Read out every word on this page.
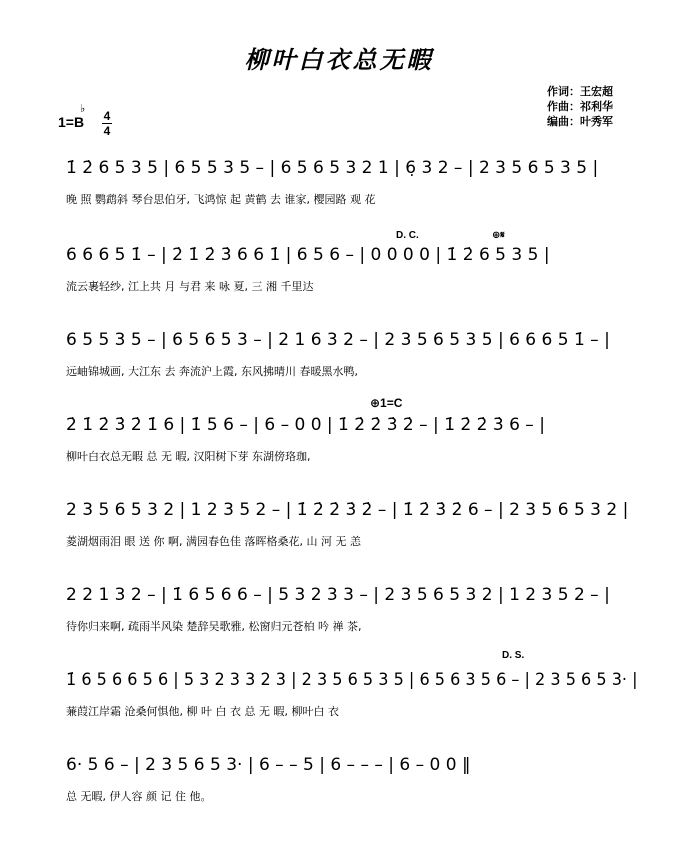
柳叶白衣总无暇
作词：王宏超
作曲：祁利华
编曲：叶秀军
1=B
♭ 4
4
1̇ 2̇ 6 5 3 5 | 6 5 5 3 5 – | 6 5 6 5 3 2 1 | 6̣ 3 2 – | 2 3 5 6 5 3 5 |
晚 照 鹦鹉斜 琴台思伯牙, 飞鸿惊 起 黄鹤 去 谁家, 樱园路 观 花
6 6 6 5 1̇ – | 2̇ 1̇ 2̇ 3̇ 6 6 1̇ | 6 5 6 – | 0 0 0 0 | 1̇ 2̇ 6 5 3 5 |
流云裹轻纱, 江上共 月 与君 来 咏 夏, 三 湘 千里达
6 5 5 3 5 – | 6 5 6 5 3 – | 2 1 6 3 2 – | 2 3 5 6 5 3 5 | 6 6 6 5 1̇ – |
远岫锦城画, 大江东 去 奔流沪上霞, 东风拂晴川 春暖黑水鸭,
2̇ 1̇ 2̇ 3̇ 2̇ 1̇ 6 | 1̇ 5 6 – | 6 – 0 0 | 1̇ 2̇ 2̇ 3̇ 2̇ – | 1̇ 2̇ 2̇ 3̇ 6 – |
柳叶白衣总无暇 总 无 暇, 汉阳树下芽 东湖傍珞珈,
2 3 5 6 5 3 2 | 1 2 3 5 2 – | 1̇ 2̇ 2̇ 3̇ 2̇ – | 1̇ 2̇ 3̇ 2̇ 6 – | 2 3 5 6 5 3 2 |
菱湖烟雨泪 眼 送 你 啊, 满园春色佳 落晖格桑花, 山 河 无 恙
2 2 1 3 2 – | 1̇ 6 5 6 6 – | 5 3 2 3 3 – | 2 3 5 6 5 3 2 | 1 2 3 5 2 – |
待你归来啊, 疏雨半风染 楚辞吴歌雅, 松窗归元苍柏 吟 禅 茶,
1̇ 6 5 6 6 5 6 | 5 3 2 3 3 2 3 | 2 3 5 6 5 3 5 | 6 5 6 3 5 6 – | 2 3 5 6 5 3· |
蒹葭江岸霜 沧桑何惧他, 柳 叶 白 衣 总 无 暇, 柳叶白 衣
6· 5 6 – | 2 3 5 6 5 3· | 6 – – 5 | 6 – – – | 6 – 0 0 ‖
总 无暇, 伊人容 颜 记 住 他。
D. C.	⊕𝄋
⊕1=C
D. S.
